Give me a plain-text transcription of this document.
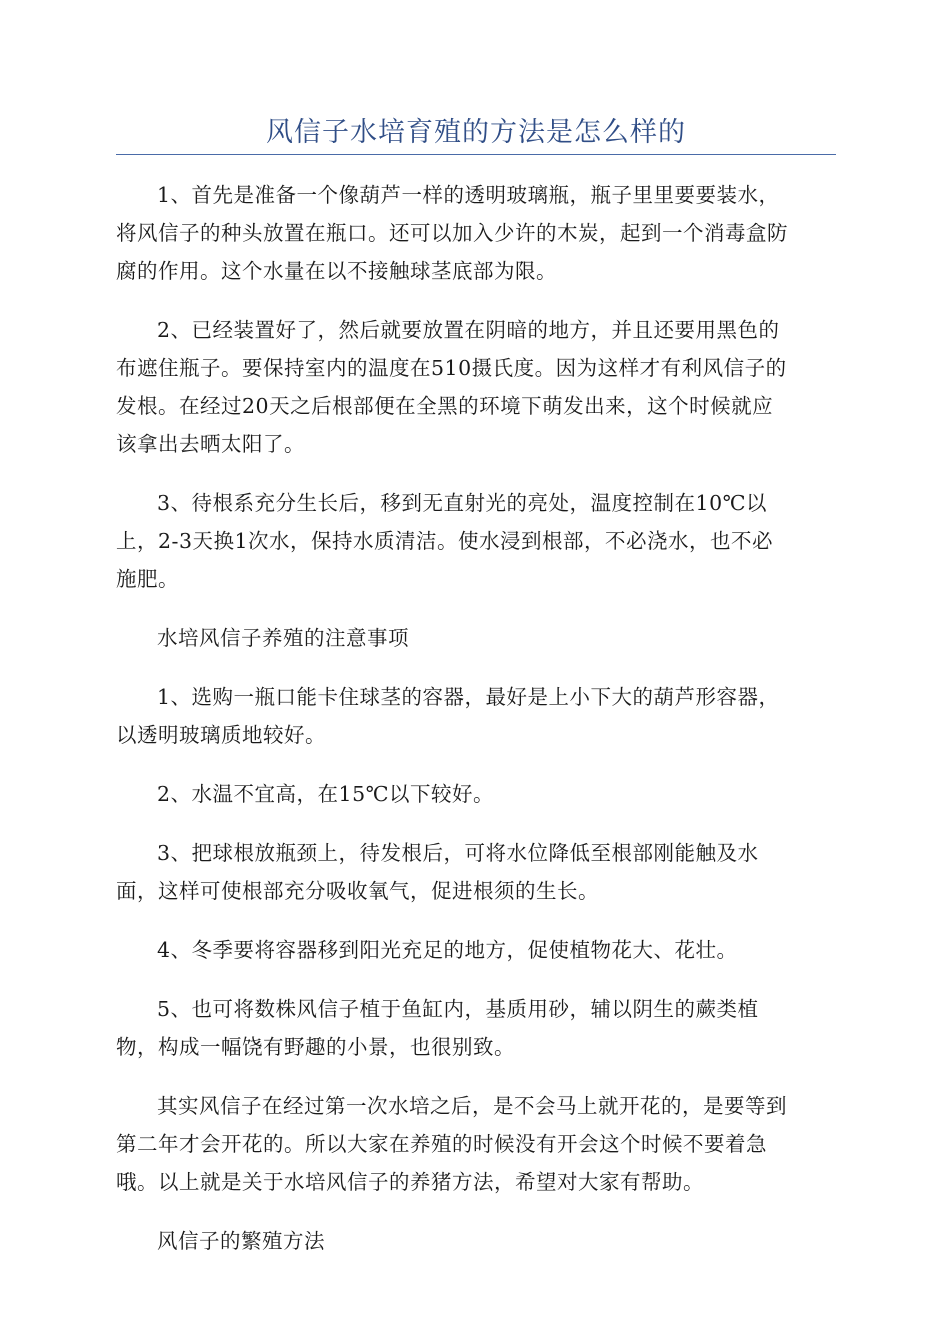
风信子水培育殖的方法是怎么样的

1、首先是准备一个像葫芦一样的透明玻璃瓶，瓶子里里要要装水，
将风信子的种头放置在瓶口。还可以加入少许的木炭，起到一个消毒盒防
腐的作用。这个水量在以不接触球茎底部为限。

2、已经装置好了，然后就要放置在阴暗的地方，并且还要用黑色的
布遮住瓶子。要保持室内的温度在510摄氏度。因为这样才有利风信子的
发根。在经过20天之后根部便在全黑的环境下萌发出来，这个时候就应
该拿出去晒太阳了。

3、待根系充分生长后，移到无直射光的亮处，温度控制在10℃以
上，2-3天换1次水，保持水质清洁。使水浸到根部，不必浇水，也不必
施肥。

水培风信子养殖的注意事项

1、选购一瓶口能卡住球茎的容器，最好是上小下大的葫芦形容器，
以透明玻璃质地较好。

2、水温不宜高，在15℃以下较好。

3、把球根放瓶颈上，待发根后，可将水位降低至根部刚能触及水
面，这样可使根部充分吸收氧气，促进根须的生长。

4、冬季要将容器移到阳光充足的地方，促使植物花大、花壮。

5、也可将数株风信子植于鱼缸内，基质用砂，辅以阴生的蕨类植
物，构成一幅饶有野趣的小景，也很别致。

其实风信子在经过第一次水培之后，是不会马上就开花的，是要等到
第二年才会开花的。所以大家在养殖的时候没有开会这个时候不要着急
哦。以上就是关于水培风信子的养猪方法，希望对大家有帮助。

风信子的繁殖方法
